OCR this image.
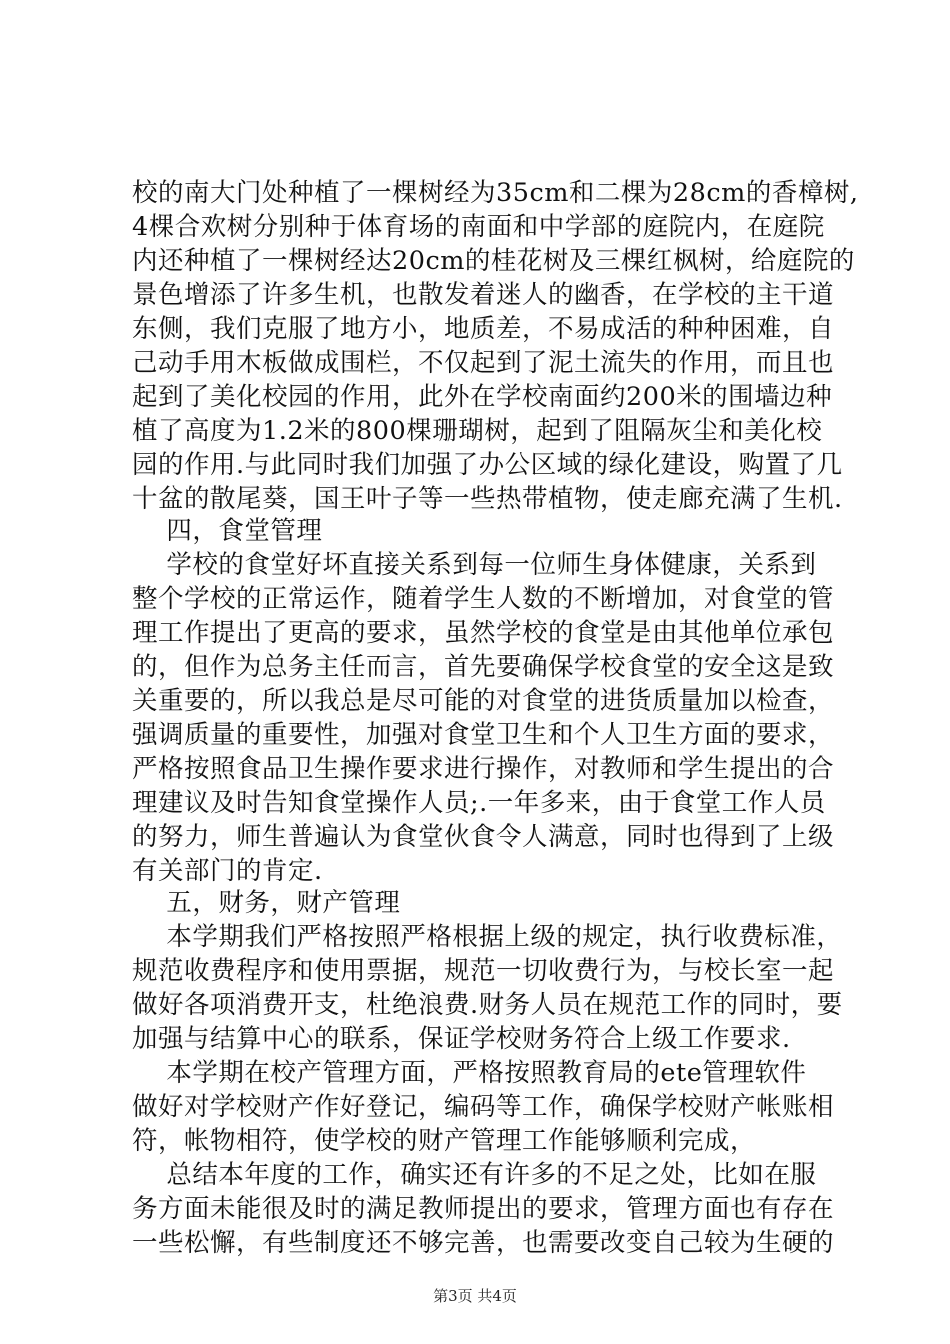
校的南大门处种植了一棵树经为35cm和二棵为28cm的香樟树,
4棵合欢树分别种于体育场的南面和中学部的庭院内，在庭院
内还种植了一棵树经达20cm的桂花树及三棵红枫树，给庭院的
景色增添了许多生机，也散发着迷人的幽香，在学校的主干道
东侧，我们克服了地方小，地质差，不易成活的种种困难，自
己动手用木板做成围栏，不仅起到了泥土流失的作用，而且也
起到了美化校园的作用，此外在学校南面约200米的围墙边种
植了高度为1.2米的800棵珊瑚树，起到了阻隔灰尘和美化校
园的作用.与此同时我们加强了办公区域的绿化建设，购置了几
十盆的散尾葵，国王叶子等一些热带植物，使走廊充满了生机.
四，食堂管理
学校的食堂好坏直接关系到每一位师生身体健康，关系到
整个学校的正常运作，随着学生人数的不断增加，对食堂的管
理工作提出了更高的要求，虽然学校的食堂是由其他单位承包
的，但作为总务主任而言，首先要确保学校食堂的安全这是致
关重要的，所以我总是尽可能的对食堂的进货质量加以检查，
强调质量的重要性，加强对食堂卫生和个人卫生方面的要求，
严格按照食品卫生操作要求进行操作，对教师和学生提出的合
理建议及时告知食堂操作人员;.一年多来，由于食堂工作人员
的努力，师生普遍认为食堂伙食令人满意，同时也得到了上级
有关部门的肯定.
五，财务，财产管理
本学期我们严格按照严格根据上级的规定，执行收费标准，
规范收费程序和使用票据，规范一切收费行为，与校长室一起
做好各项消费开支，杜绝浪费.财务人员在规范工作的同时，要
加强与结算中心的联系，保证学校财务符合上级工作要求.
本学期在校产管理方面，严格按照教育局的ete管理软件
做好对学校财产作好登记，编码等工作，确保学校财产帐账相
符，帐物相符，使学校的财产管理工作能够顺利完成，
总结本年度的工作，确实还有许多的不足之处，比如在服
务方面未能很及时的满足教师提出的要求，管理方面也有存在
一些松懈，有些制度还不够完善，也需要改变自己较为生硬的
第3页 共4页
